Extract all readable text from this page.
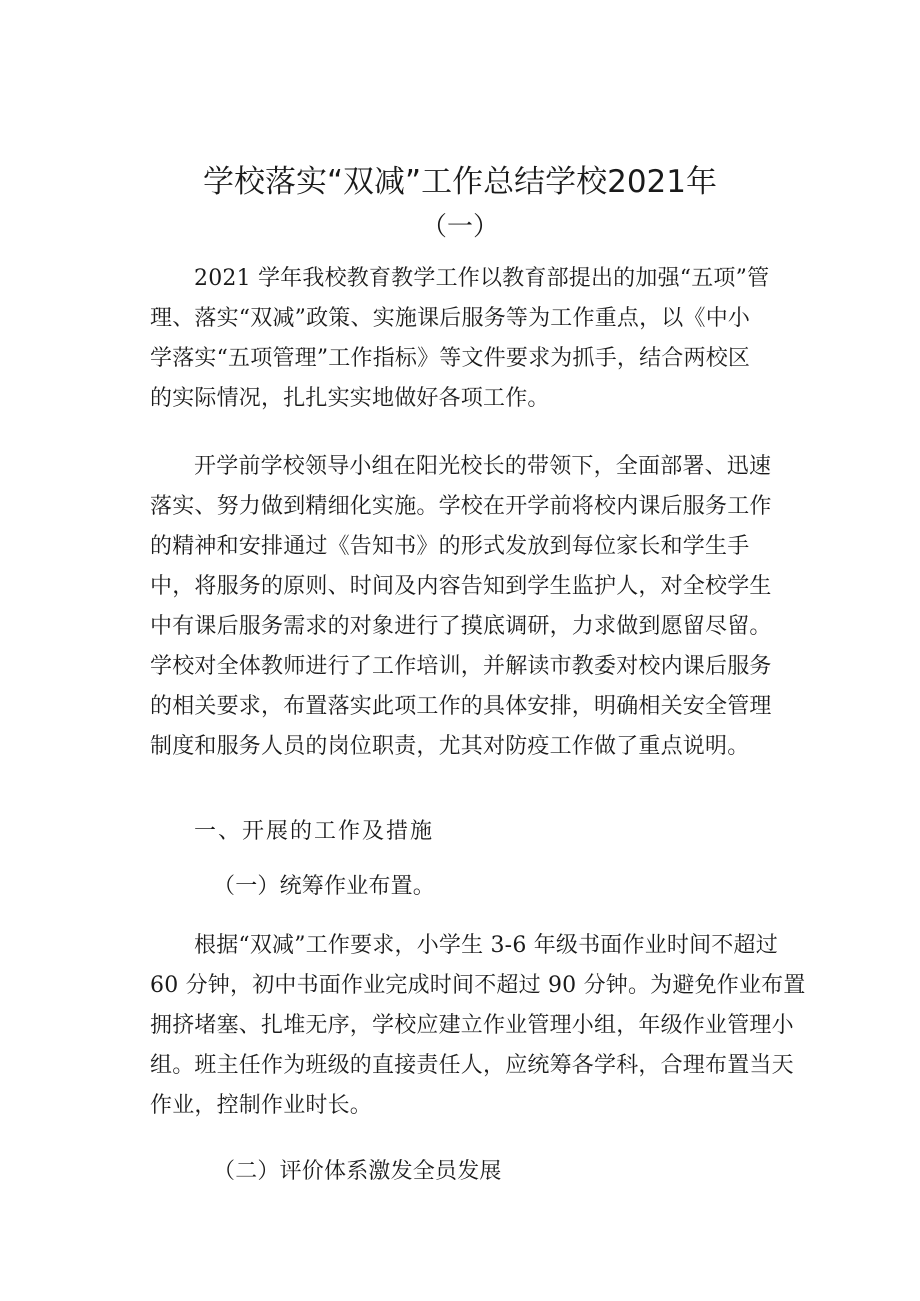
学校落实“双减”工作总结学校2021年
（一）
2021 学年我校教育教学工作以教育部提出的加强“五项”管
理、落实“双减”政策、实施课后服务等为工作重点，以《中小
学落实“五项管理”工作指标》等文件要求为抓手，结合两校区
的实际情况，扎扎实实地做好各项工作。
开学前学校领导小组在阳光校长的带领下，全面部署、迅速
落实、努力做到精细化实施。学校在开学前将校内课后服务工作
的精神和安排通过《告知书》的形式发放到每位家长和学生手
中，将服务的原则、时间及内容告知到学生监护人，对全校学生
中有课后服务需求的对象进行了摸底调研，力求做到愿留尽留。
学校对全体教师进行了工作培训，并解读市教委对校内课后服务
的相关要求，布置落实此项工作的具体安排，明确相关安全管理
制度和服务人员的岗位职责，尤其对防疫工作做了重点说明。
一、开展的工作及措施
（一）统筹作业布置。
根据“双减”工作要求，小学生 3-6 年级书面作业时间不超过
60 分钟，初中书面作业完成时间不超过 90 分钟。为避免作业布置
拥挤堵塞、扎堆无序，学校应建立作业管理小组，年级作业管理小
组。班主任作为班级的直接责任人，应统筹各学科，合理布置当天
作业，控制作业时长。
（二）评价体系激发全员发展
